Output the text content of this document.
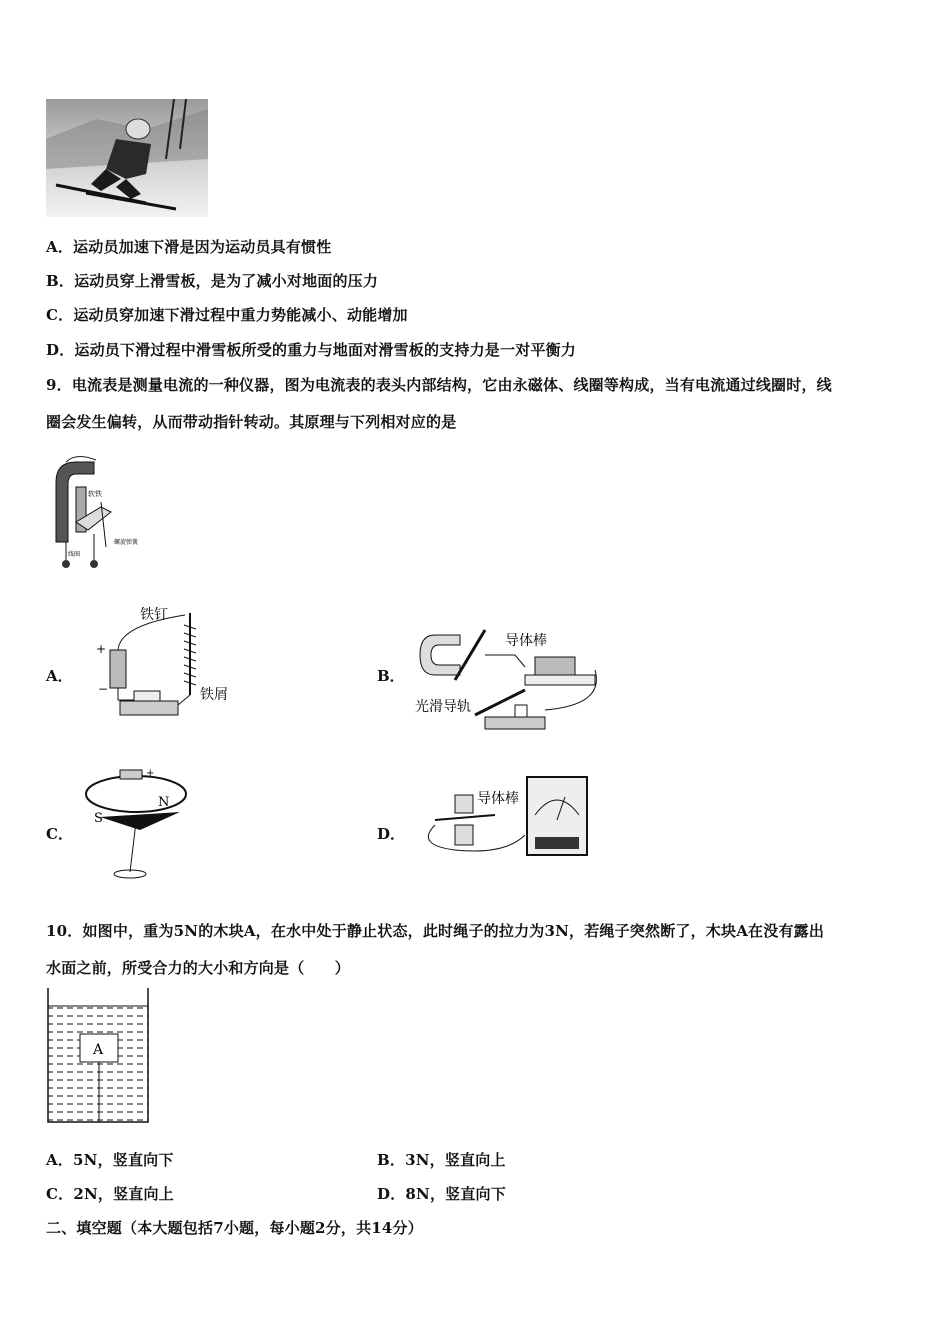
A．运动员加速下滑是因为运动员具有惯性
B．运动员穿上滑雪板，是为了减小对地面的压力
C．运动员穿加速下滑过程中重力势能减小、动能增加
D．运动员下滑过程中滑雪板所受的重力与地面对滑雪板的支持力是一对平衡力
9．电流表是测量电流的一种仪器，图为电流表的表头内部结构，它由永磁体、线圈等构成，当有电流通过线圈时，线
圈会发生偏转，从而带动指针转动。其原理与下列相对应的是
软铁
螺旋弹簧
线圈
A．
铁钉
+
−	铁屑
B．
导体棒
光滑导轨
C．
+
S
N
D．
导体棒
10．如图中，重为5N的木块A，在水中处于静止状态，此时绳子的拉力为3N，若绳子突然断了，木块A在没有露出
水面之前，所受合力的大小和方向是（　　）
A
A．5N，竖直向下	B．3N，竖直向上
C．2N，竖直向上	D．8N，竖直向下
二、填空题（本大题包括7小题，每小题2分，共14分）
